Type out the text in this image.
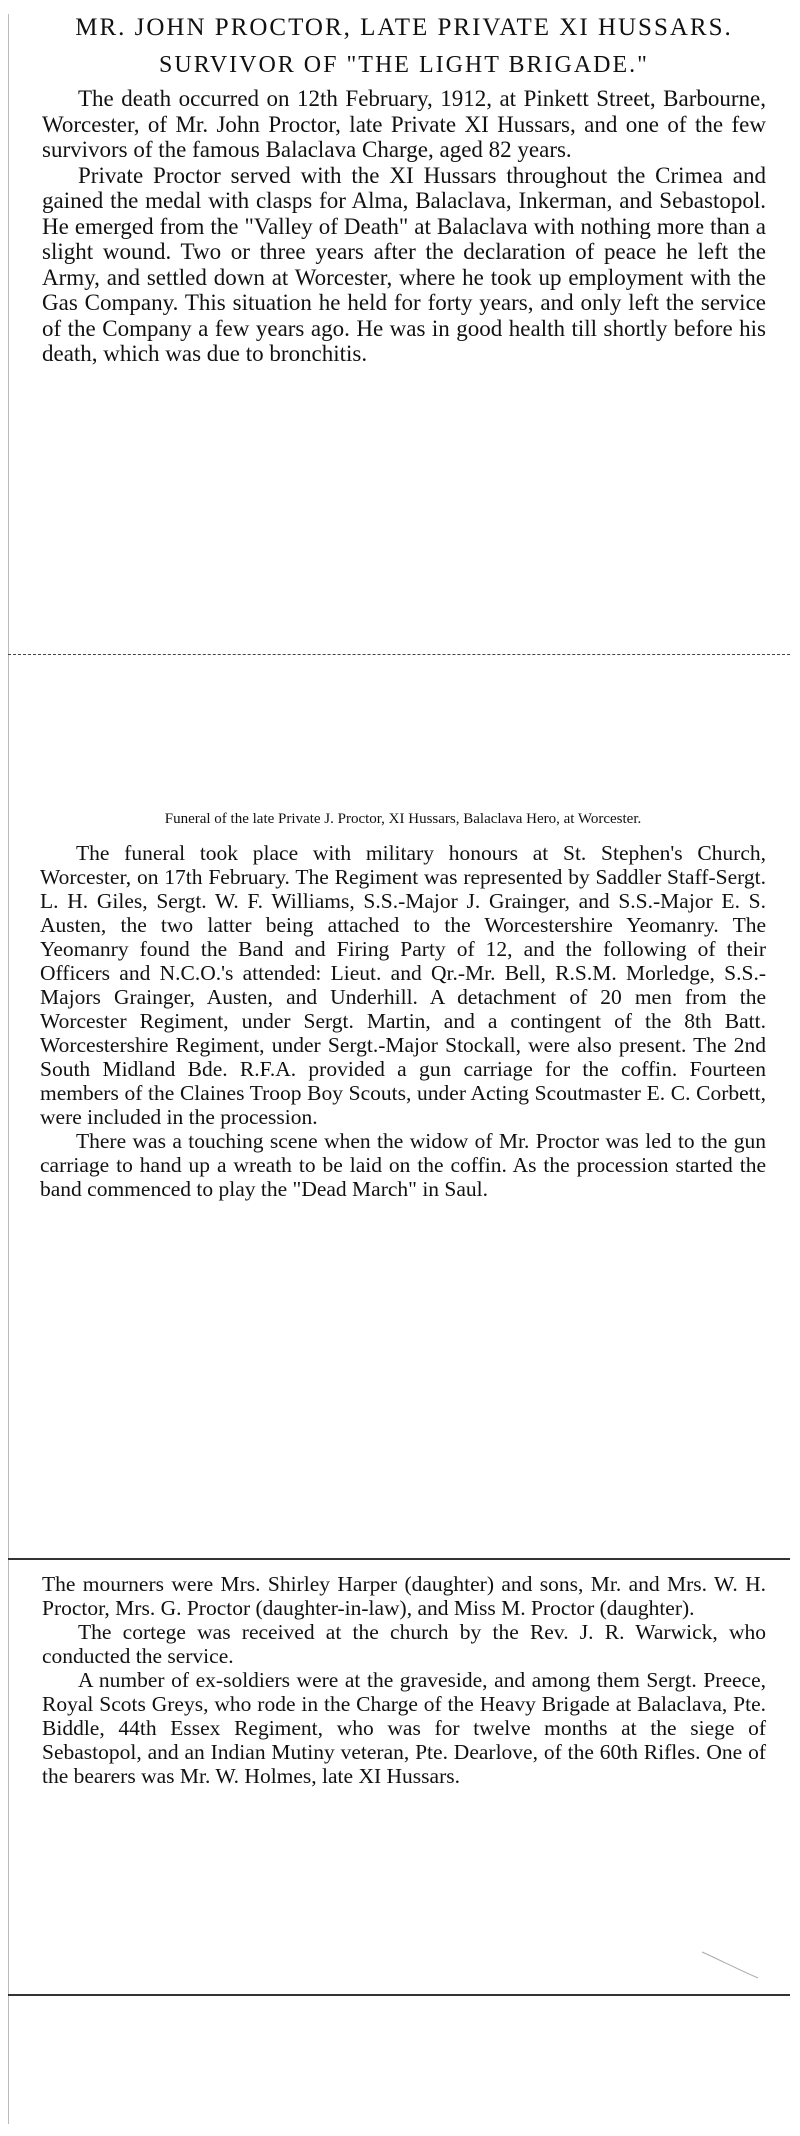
MR. JOHN PROCTOR, LATE PRIVATE XI HUSSARS.
SURVIVOR OF "THE LIGHT BRIGADE."

The death occurred on 12th February, 1912, at Pinkett Street, Barbourne, Worcester, of Mr. John Proctor, late Private XI Hussars, and one of the few survivors of the famous Balaclava Charge, aged 82 years.

Private Proctor served with the XI Hussars throughout the Crimea and gained the medal with clasps for Alma, Balaclava, Inkerman, and Sebastopol. He emerged from the "Valley of Death" at Balaclava with nothing more than a slight wound. Two or three years after the declaration of peace he left the Army, and settled down at Worcester, where he took up employment with the Gas Company. This situation he held for forty years, and only left the service of the Company a few years ago. He was in good health till shortly before his death, which was due to bronchitis.

Funeral of the late Private J. Proctor, XI Hussars, Balaclava Hero, at Worcester.

The funeral took place with military honours at St. Stephen's Church, Worcester, on 17th February. The Regiment was represented by Saddler Staff-Sergt. L. H. Giles, Sergt. W. F. Williams, S.S.-Major J. Grainger, and S.S.-Major E. S. Austen, the two latter being attached to the Worcestershire Yeomanry. The Yeomanry found the Band and Firing Party of 12, and the following of their Officers and N.C.O.'s attended: Lieut. and Qr.-Mr. Bell, R.S.M. Morledge, S.S.-Majors Grainger, Austen, and Underhill. A detachment of 20 men from the Worcester Regiment, under Sergt. Martin, and a contingent of the 8th Batt. Worcestershire Regiment, under Sergt.-Major Stockall, were also present. The 2nd South Midland Bde. R.F.A. provided a gun carriage for the coffin. Fourteen members of the Claines Troop Boy Scouts, under Acting Scoutmaster E. C. Corbett, were included in the procession.

There was a touching scene when the widow of Mr. Proctor was led to the gun carriage to hand up a wreath to be laid on the coffin. As the procession started the band commenced to play the "Dead March" in Saul.

The mourners were Mrs. Shirley Harper (daughter) and sons, Mr. and Mrs. W. H. Proctor, Mrs. G. Proctor (daughter-in-law), and Miss M. Proctor (daughter).

The cortege was received at the church by the Rev. J. R. Warwick, who conducted the service.

A number of ex-soldiers were at the graveside, and among them Sergt. Preece, Royal Scots Greys, who rode in the Charge of the Heavy Brigade at Balaclava, Pte. Biddle, 44th Essex Regiment, who was for twelve months at the siege of Sebastopol, and an Indian Mutiny veteran, Pte. Dearlove, of the 60th Rifles. One of the bearers was Mr. W. Holmes, late XI Hussars.
